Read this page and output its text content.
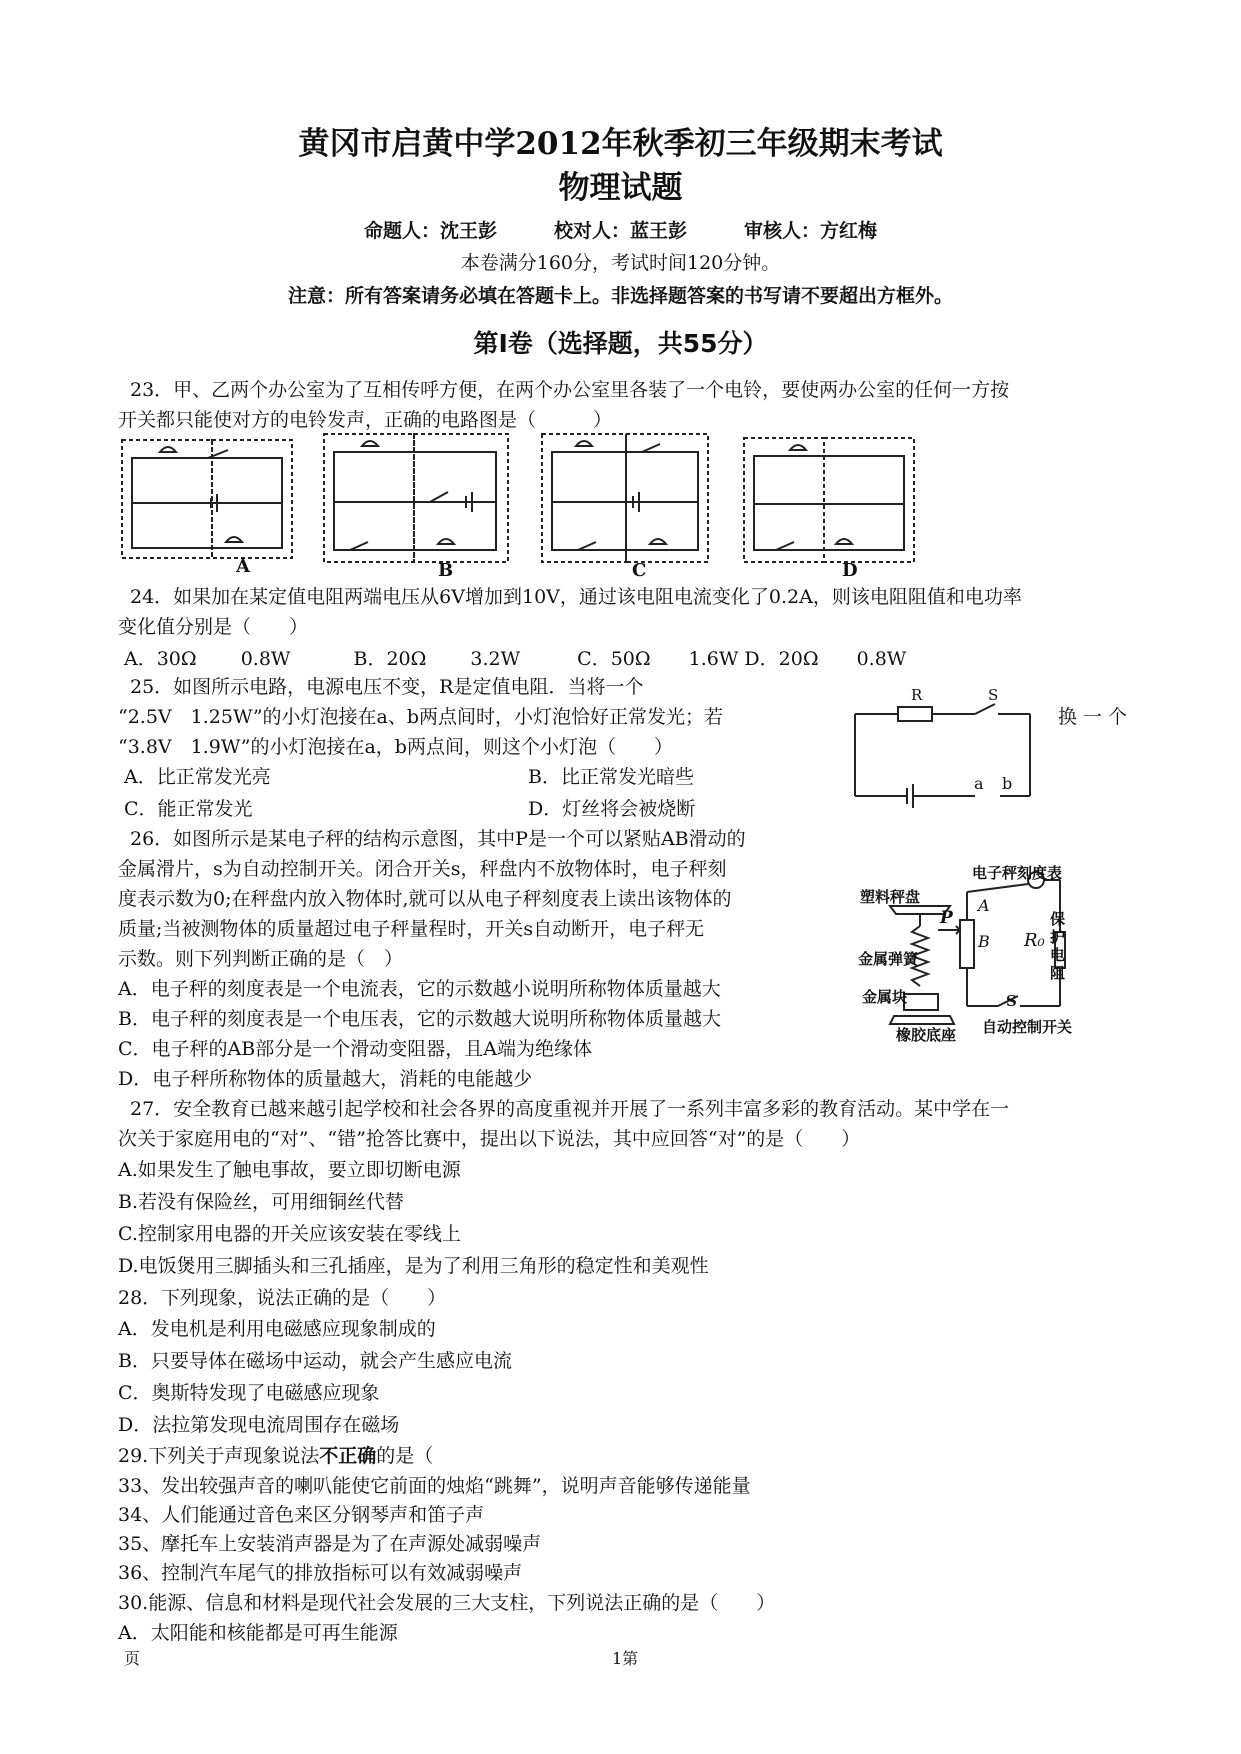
黄冈市启黄中学2012年秋季初三年级期末考试
物理试题
命题人：沈王彭　　　校对人：蓝王彭　　　审核人：方红梅
本卷满分160分，考试时间120分钟。
注意：所有答案请务必填在答题卡上。非选择题答案的书写请不要超出方框外。
第Ⅰ卷（选择题，共55分）
23．甲、乙两个办公室为了互相传呼方便，在两个办公室里各装了一个电铃，要使两办公室的任何一方按
开关都只能使对方的电铃发声，正确的电路图是（　　　）
A	B	C	D
24．如果加在某定值电阻两端电压从6V增加到10V，通过该电阻电流变化了0.2A，则该电阻阻值和电功率
变化值分别是（　　）
A．30Ω　　 0.8W　　　 B．20Ω　　 3.2W　　　C．50Ω　　1.6W D．20Ω　　0.8W
25．如图所示电路，电源电压不变，R是定值电阻．当将一个
“2.5V　1.25W”的小灯泡接在a、b两点间时，小灯泡恰好正常发光；若	换一个
“3.8V　1.9W”的小灯泡接在a，b两点间，则这个小灯泡（　　）
A．比正常发光亮	B．比正常发光暗些
C．能正常发光	D．灯丝将会被烧断
R	S
a b
26．如图所示是某电子秤的结构示意图，其中P是一个可以紧贴AB滑动的
金属滑片，s为自动控制开关。闭合开关s，秤盘内不放物体时，电子秤刻
度表示数为0;在秤盘内放入物体时,就可以从电子秤刻度表上读出该物体的
质量;当被测物体的质量超过电子秤量程时，开关s自动断开，电子秤无
示数。则下列判断正确的是（　）
A．电子秤的刻度表是一个电流表，它的示数越小说明所称物体质量越大
B．电子秤的刻度表是一个电压表，它的示数越大说明所称物体质量越大
C．电子秤的AB部分是一个滑动变阻器，且A端为绝缘体
D．电子秤所称物体的质量越大，消耗的电能越少
电子秤刻度表
塑料秤盘
金属弹簧
金属块
橡胶底座 自动控制开关
保护电阻
P
A
B R₀
S
27．安全教育已越来越引起学校和社会各界的高度重视并开展了一系列丰富多彩的教育活动。某中学在一
次关于家庭用电的“对”、“错”抢答比赛中，提出以下说法，其中应回答“对”的是（　　）
A.如果发生了触电事故，要立即切断电源
B.若没有保险丝，可用细铜丝代替
C.控制家用电器的开关应该安装在零线上
D.电饭煲用三脚插头和三孔插座，是为了利用三角形的稳定性和美观性
28．下列现象，说法正确的是（　　）
A．发电机是利用电磁感应现象制成的
B．只要导体在磁场中运动，就会产生感应电流
C．奥斯特发现了电磁感应现象
D．法拉第发现电流周围存在磁场
29.下列关于声现象说法不正确的是（
33、发出较强声音的喇叭能使它前面的烛焰“跳舞”，说明声音能够传递能量
34、人们能通过音色来区分钢琴声和笛子声
35、摩托车上安装消声器是为了在声源处减弱噪声
36、控制汽车尾气的排放指标可以有效减弱噪声
30.能源、信息和材料是现代社会发展的三大支柱，下列说法正确的是（　　）
A．太阳能和核能都是可再生能源
页	1第
